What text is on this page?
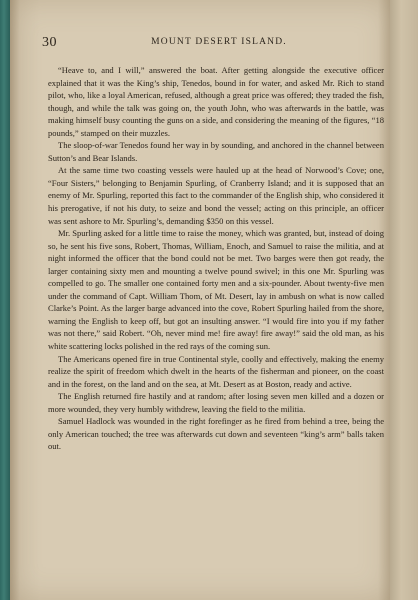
30	MOUNT DESERT ISLAND.

“Heave to, and I will,” answered the boat. After getting alongside the executive officer explained that it was the King’s ship, Tenedos, bound in for water, and asked Mr. Rich to stand pilot, who, like a loyal American, refused, although a great price was offered; they traded the fish, though, and while the talk was going on, the youth John, who was afterwards in the battle, was making himself busy counting the guns on a side, and considering the meaning of the figures, “18 pounds,” stamped on their muzzles.

The sloop-of-war Tenedos found her way in by sounding, and anchored in the channel between Sutton’s and Bear Islands.

At the same time two coasting vessels were hauled up at the head of Norwood’s Cove; one, “Four Sisters,” belonging to Benjamin Spurling, of Cranberry Island; and it is supposed that an enemy of Mr. Spurling, reported this fact to the commander of the English ship, who considered it his prerogative, if not his duty, to seize and bond the vessel; acting on this principle, an officer was sent ashore to Mr. Spurling’s, demanding $350 on this vessel.

Mr. Spurling asked for a little time to raise the money, which was granted, but, instead of doing so, he sent his five sons, Robert, Thomas, William, Enoch, and Samuel to raise the militia, and at night informed the officer that the bond could not be met. Two barges were then got ready, the larger containing sixty men and mounting a twelve pound swivel; in this one Mr. Spurling was compelled to go. The smaller one contained forty men and a six-pounder. About twenty-five men under the command of Capt. William Thom, of Mt. Desert, lay in ambush on what is now called Clarke’s Point. As the larger barge advanced into the cove, Robert Spurling hailed from the shore, warning the English to keep off, but got an insulting answer. “I would fire into you if my father was not there,” said Robert. “Oh, never mind me! fire away! fire away!” said the old man, as his white scattering locks polished in the red rays of the coming sun.

The Americans opened fire in true Continental style, coolly and effectively, making the enemy realize the spirit of freedom which dwelt in the hearts of the fisherman and pioneer, on the coast and in the forest, on the land and on the sea, at Mt. Desert as at Boston, ready and active.

The English returned fire hastily and at random; after losing seven men killed and a dozen or more wounded, they very humbly withdrew, leaving the field to the militia.

Samuel Hadlock was wounded in the right forefinger as he fired from behind a tree, being the only American touched; the tree was afterwards cut down and seventeen “king’s arm” balls taken out.
